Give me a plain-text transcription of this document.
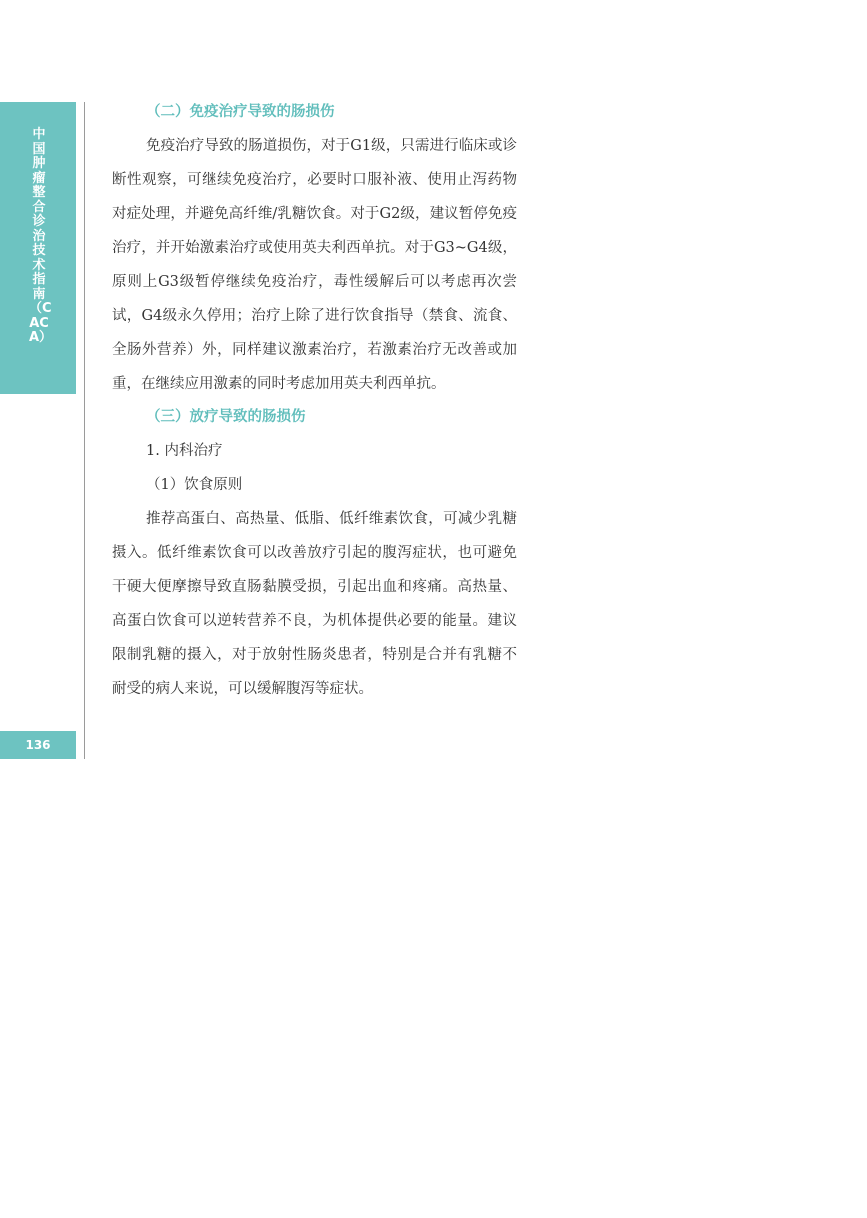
中国肿瘤整合诊治技术指南（CACA）
136

（二）免疫治疗导致的肠损伤

免疫治疗导致的肠道损伤，对于G1级，只需进行临床或诊断性观察，可继续免疫治疗，必要时口服补液、使用止泻药物对症处理，并避免高纤维/乳糖饮食。对于G2级，建议暂停免疫治疗，并开始激素治疗或使用英夫利西单抗。对于G3~G4级，原则上G3级暂停继续免疫治疗，毒性缓解后可以考虑再次尝试，G4级永久停用；治疗上除了进行饮食指导（禁食、流食、全肠外营养）外，同样建议激素治疗，若激素治疗无改善或加重，在继续应用激素的同时考虑加用英夫利西单抗。

（三）放疗导致的肠损伤

1. 内科治疗

（1）饮食原则

推荐高蛋白、高热量、低脂、低纤维素饮食，可减少乳糖摄入。低纤维素饮食可以改善放疗引起的腹泻症状，也可避免干硬大便摩擦导致直肠黏膜受损，引起出血和疼痛。高热量、高蛋白饮食可以逆转营养不良，为机体提供必要的能量。建议限制乳糖的摄入，对于放射性肠炎患者，特别是合并有乳糖不耐受的病人来说，可以缓解腹泻等症状。
